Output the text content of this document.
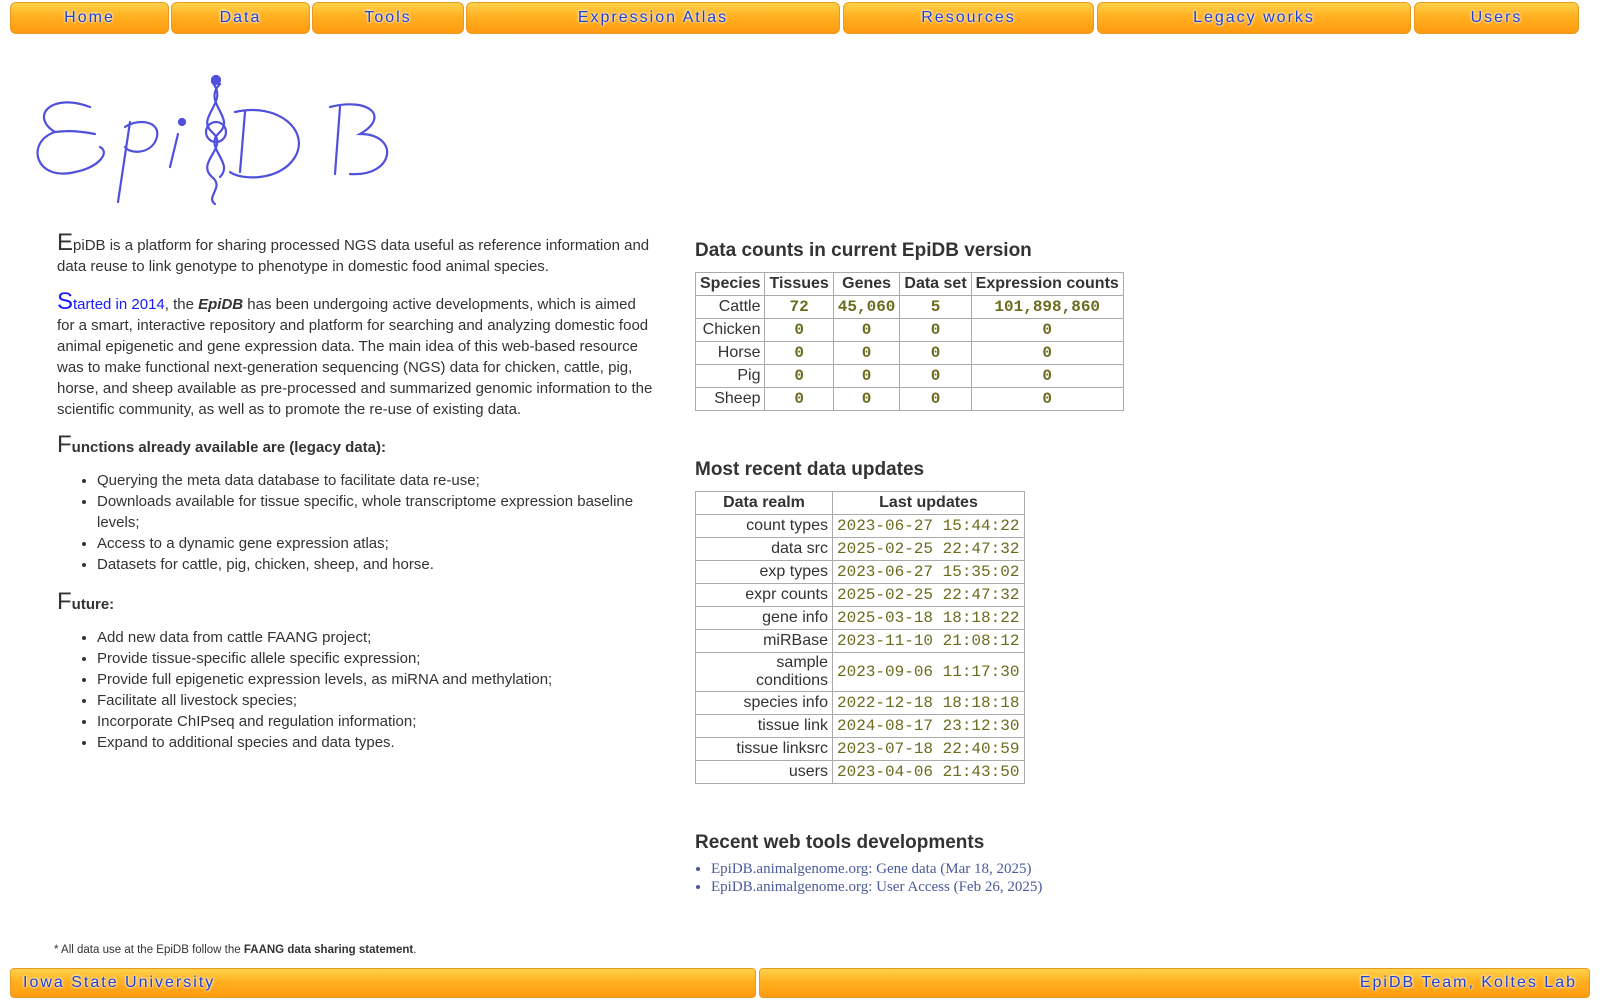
Home	Data	Tools	Expression Atlas	Resources	Legacy works	Users
EpiDB

EpiDB is a platform for sharing processed NGS data useful as reference information and data reuse to link genotype to phenotype in domestic food animal species.

Started in 2014, the EpiDB has been undergoing active developments, which is aimed for a smart, interactive repository and platform for searching and analyzing domestic food animal epigenetic and gene expression data. The main idea of this web-based resource was to make functional next-generation sequencing (NGS) data for chicken, cattle, pig, horse, and sheep available as pre-processed and summarized genomic information to the scientific community, as well as to promote the re-use of existing data.

Functions already available are (legacy data):
• Querying the meta data database to facilitate data re-use;
• Downloads available for tissue specific, whole transcriptome expression baseline levels;
• Access to a dynamic gene expression atlas;
• Datasets for cattle, pig, chicken, sheep, and horse.
Future:
• Add new data from cattle FAANG project;
• Provide tissue-specific allele specific expression;
• Provide full epigenetic expression levels, as miRNA and methylation;
• Facilitate all livestock species;
• Incorporate ChIPseq and regulation information;
• Expand to additional species and data types.
Data counts in current EpiDB version
Species	Tissues	Genes	Data set	Expression counts
Cattle	72	45,060	5	101,898,860
Chicken	0	0	0	0
Horse	0	0	0	0
Pig	0	0	0	0
Sheep	0	0	0	0
Most recent data updates
Data realm	Last updates
count types	2023-06-27 15:44:22
data src	2025-02-25 22:47:32
exp types	2023-06-27 15:35:02
expr counts	2025-02-25 22:47:32
gene info	2025-03-18 18:18:22
miRBase	2023-11-10 21:08:12
sample conditions	2023-09-06 11:17:30
species info	2022-12-18 18:18:18
tissue link	2024-08-17 23:12:30
tissue linksrc	2023-07-18 22:40:59
users	2023-04-06 21:43:50
Recent web tools developments
• EpiDB.animalgenome.org: Gene data (Mar 18, 2025)
• EpiDB.animalgenome.org: User Access (Feb 26, 2025)
* All data use at the EpiDB follow the FAANG data sharing statement.
Iowa State University	EpiDB Team, Koltes Lab
